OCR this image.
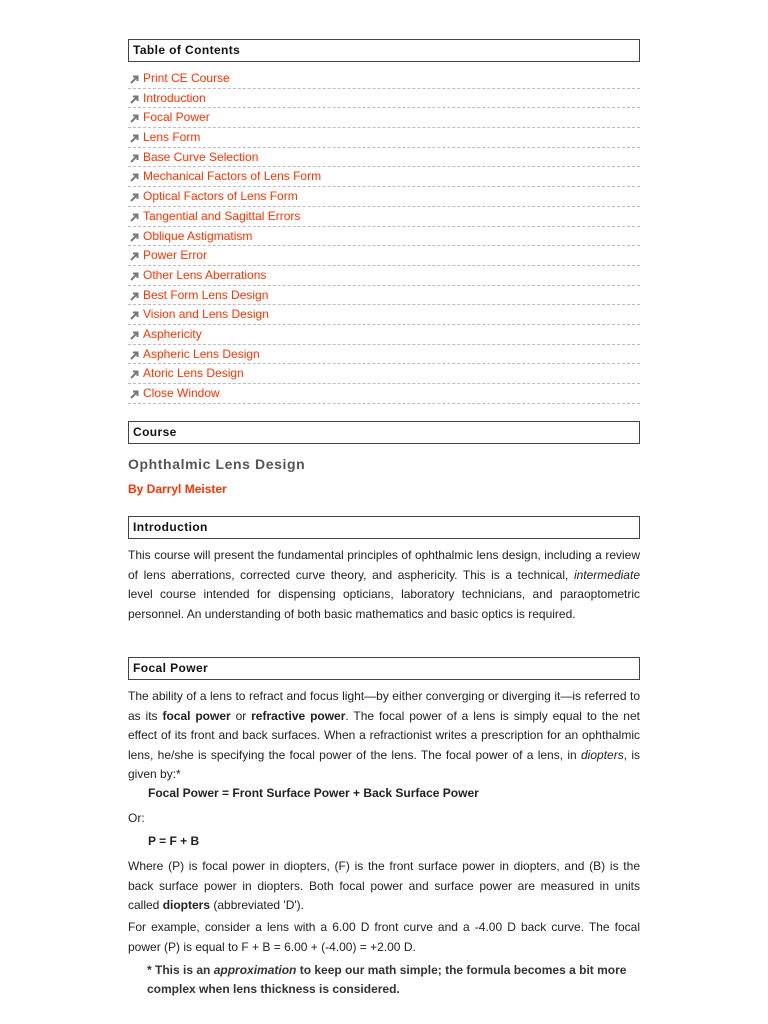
Table of Contents
Print CE Course
Introduction
Focal Power
Lens Form
Base Curve Selection
Mechanical Factors of Lens Form
Optical Factors of Lens Form
Tangential and Sagittal Errors
Oblique Astigmatism
Power Error
Other Lens Aberrations
Best Form Lens Design
Vision and Lens Design
Asphericity
Aspheric Lens Design
Atoric Lens Design
Close Window
Course
Ophthalmic Lens Design
By Darryl Meister
Introduction

This course will present the fundamental principles of ophthalmic lens design, including a review of lens aberrations, corrected curve theory, and asphericity. This is a technical, intermediate level course intended for dispensing opticians, laboratory technicians, and paraoptometric personnel. An understanding of both basic mathematics and basic optics is required.

Focal Power

The ability of a lens to refract and focus light—by either converging or diverging it—is referred to as its focal power or refractive power. The focal power of a lens is simply equal to the net effect of its front and back surfaces. When a refractionist writes a prescription for an ophthalmic lens, he/she is specifying the focal power of the lens. The focal power of a lens, in diopters, is given by:*

Focal Power = Front Surface Power + Back Surface Power
Or:
P = F + B

Where (P) is focal power in diopters, (F) is the front surface power in diopters, and (B) is the back surface power in diopters. Both focal power and surface power are measured in units called diopters (abbreviated 'D').

For example, consider a lens with a 6.00 D front curve and a -4.00 D back curve. The focal power (P) is equal to F + B = 6.00 + (-4.00) = +2.00 D.

* This is an approximation to keep our math simple; the formula becomes a bit more complex when lens thickness is considered.
